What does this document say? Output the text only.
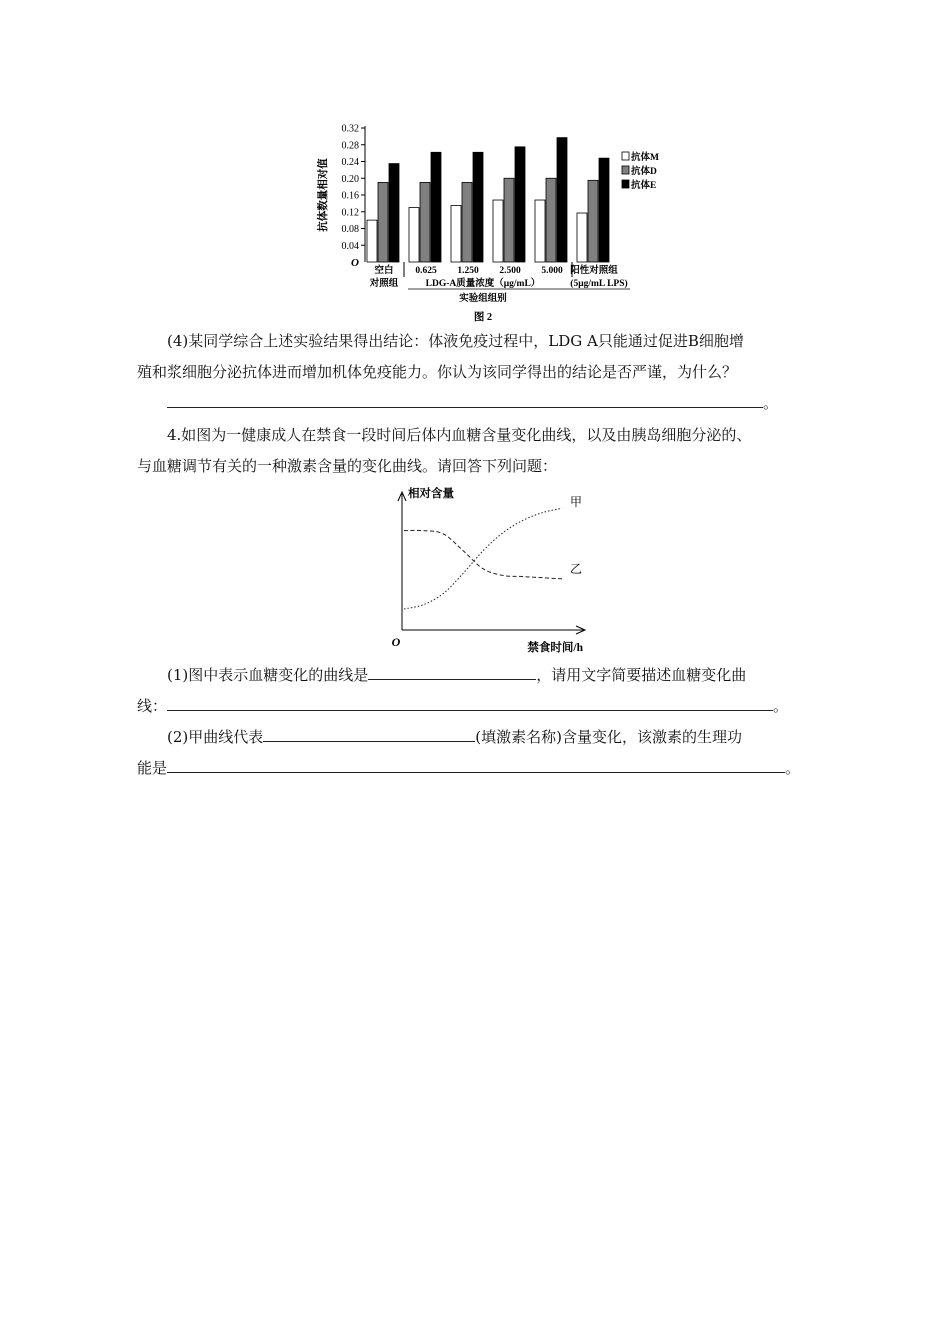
0.32
0.28
0.24
0.20
0.16
0.12
0.08
0.04
O
抗体数量相对值
空白
对照组
0.625 1.250 2.500 5.000 阳性对照组
(5μg/mL LPS)
LDG-A质量浓度（μg/mL）
实验组组别
图 2
抗体M
抗体D
抗体E

(4)某同学综合上述实验结果得出结论：体液免疫过程中，LDG A只能通过促进B细胞增
殖和浆细胞分泌抗体进而增加机体免疫能力。你认为该同学得出的结论是否严谨，为什么？
。

4.如图为一健康成人在禁食一段时间后体内血糖含量变化曲线，以及由胰岛细胞分泌的、
与血糖调节有关的一种激素含量的变化曲线。请回答下列问题：

相对含量
O	禁食时间/h
甲
乙

(1)图中表示血糖变化的曲线是	，请用文字简要描述血糖变化曲
线：	。

(2)甲曲线代表	(填激素名称)含量变化，该激素的生理功
能是	。
